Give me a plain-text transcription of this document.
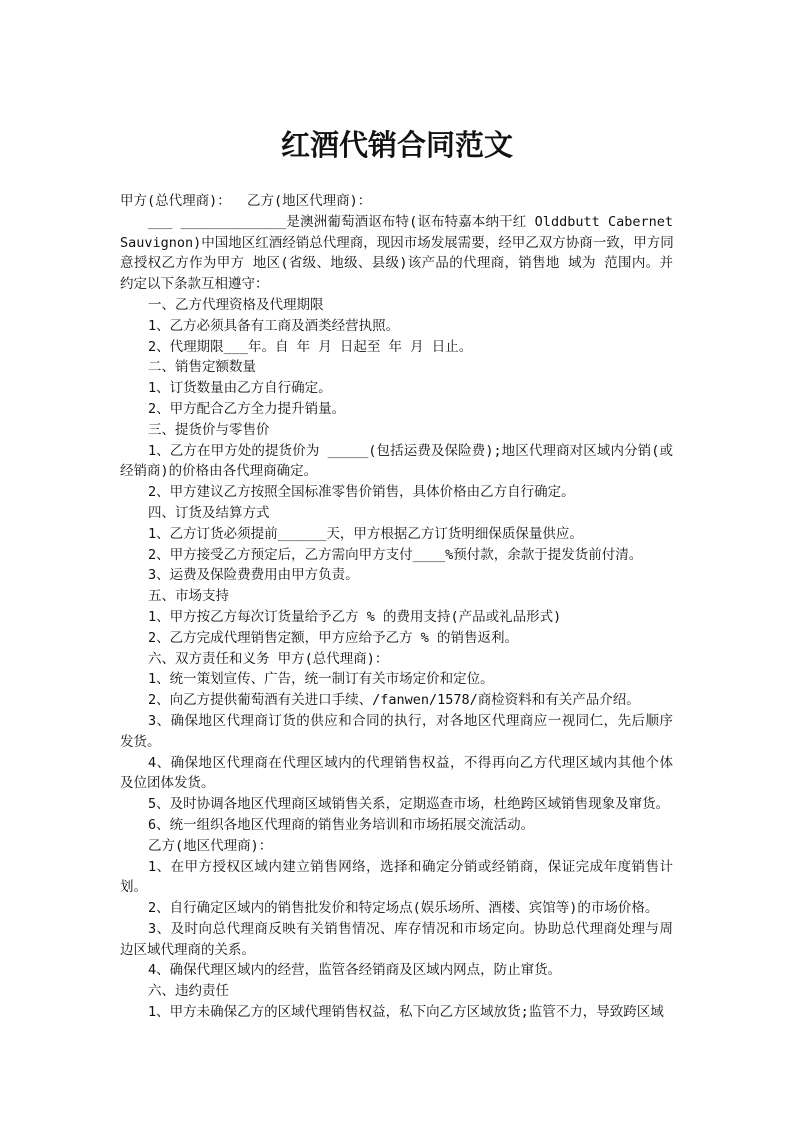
红酒代销合同范文
甲方(总代理商)：  乙方(地区代理商)：
___ _____________是澳洲葡萄酒讴布特(讴布特嘉本纳干红 Olddbutt Cabernet
Sauvignon)中国地区红酒经销总代理商，现因市场发展需要，经甲乙双方协商一致，甲方同
意授权乙方作为甲方 地区(省级、地级、县级)该产品的代理商，销售地 域为 范围内。并
约定以下条款互相遵守：
一、乙方代理资格及代理期限
1、乙方必须具备有工商及酒类经营执照。
2、代理期限___年。自 年 月 日起至 年 月 日止。
二、销售定额数量
1、订货数量由乙方自行确定。
2、甲方配合乙方全力提升销量。
三、提货价与零售价
1、乙方在甲方处的提货价为 _____(包括运费及保险费);地区代理商对区域内分销(或
经销商)的价格由各代理商确定。
2、甲方建议乙方按照全国标准零售价销售，具体价格由乙方自行确定。
四、订货及结算方式
1、乙方订货必须提前______天，甲方根据乙方订货明细保质保量供应。
2、甲方接受乙方预定后，乙方需向甲方支付____%预付款，余款于提发货前付清。
3、运费及保险费费用由甲方负责。
五、市场支持
1、甲方按乙方每次订货量给予乙方 % 的费用支持(产品或礼品形式)
2、乙方完成代理销售定额，甲方应给予乙方 % 的销售返利。
六、双方责任和义务 甲方(总代理商)：
1、统一策划宣传、广告，统一制订有关市场定价和定位。
2、向乙方提供葡萄酒有关进口手续、/fanwen/1578/商检资料和有关产品介绍。
3、确保地区代理商订货的供应和合同的执行，对各地区代理商应一视同仁，先后顺序
发货。
4、确保地区代理商在代理区域内的代理销售权益，不得再向乙方代理区域内其他个体
及位团体发货。
5、及时协调各地区代理商区域销售关系，定期巡查市场，杜绝跨区域销售现象及窜货。
6、统一组织各地区代理商的销售业务培训和市场拓展交流活动。
乙方(地区代理商)：
1、在甲方授权区域内建立销售网络，选择和确定分销或经销商，保证完成年度销售计
划。
2、自行确定区域内的销售批发价和特定场点(娱乐场所、酒楼、宾馆等)的市场价格。
3、及时向总代理商反映有关销售情况、库存情况和市场定向。协助总代理商处理与周
边区域代理商的关系。
4、确保代理区域内的经营，监管各经销商及区域内网点，防止窜货。
六、违约责任
1、甲方未确保乙方的区域代理销售权益，私下向乙方区域放货;监管不力，导致跨区域
